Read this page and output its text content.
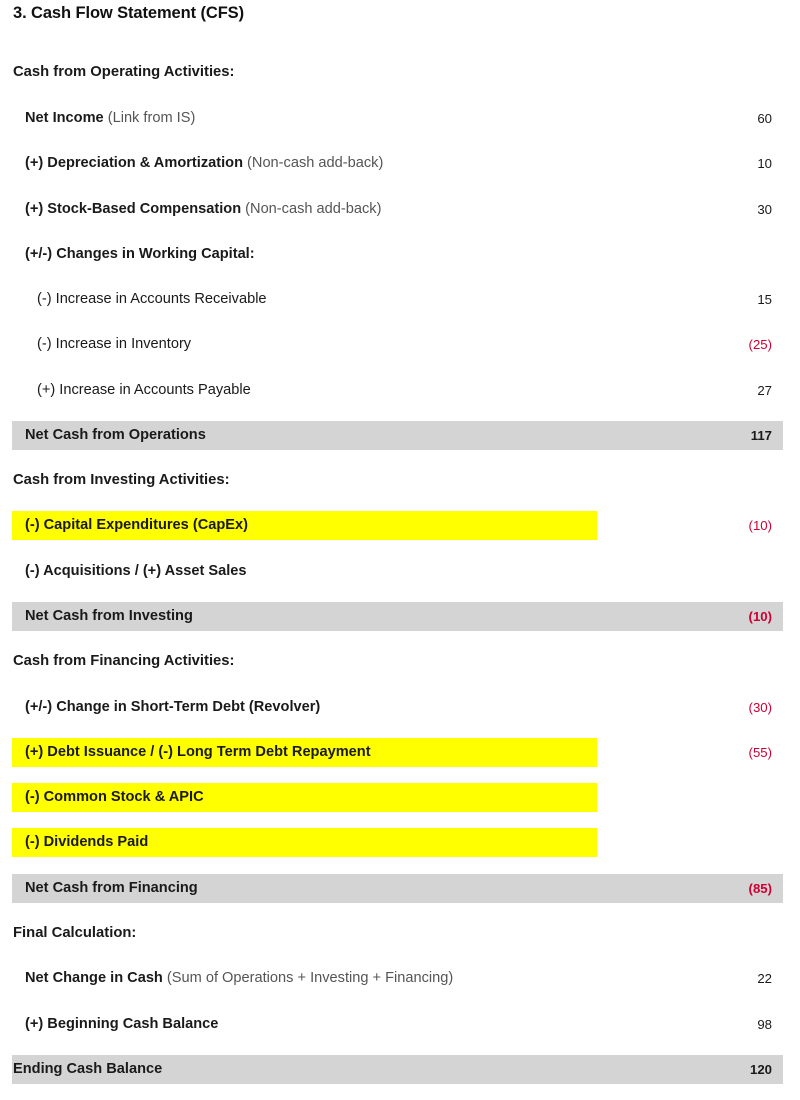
3. Cash Flow Statement (CFS)
Cash from Operating Activities:
Net Income (Link from IS)	60
(+) Depreciation & Amortization (Non-cash add-back)	10
(+) Stock-Based Compensation (Non-cash add-back)	30
(+/-) Changes in Working Capital:
(-) Increase in Accounts Receivable	15
(-) Increase in Inventory	(25)
(+) Increase in Accounts Payable	27
Net Cash from Operations	117
Cash from Investing Activities:
(-) Capital Expenditures (CapEx)	(10)
(-) Acquisitions / (+) Asset Sales
Net Cash from Investing	(10)
Cash from Financing Activities:
(+/-) Change in Short-Term Debt (Revolver)	(30)
(+) Debt Issuance / (-) Long Term Debt Repayment	(55)
(-) Common Stock & APIC
(-) Dividends Paid
Net Cash from Financing	(85)
Final Calculation:
Net Change in Cash (Sum of Operations + Investing + Financing)	22
(+) Beginning Cash Balance	98
Ending Cash Balance	120
